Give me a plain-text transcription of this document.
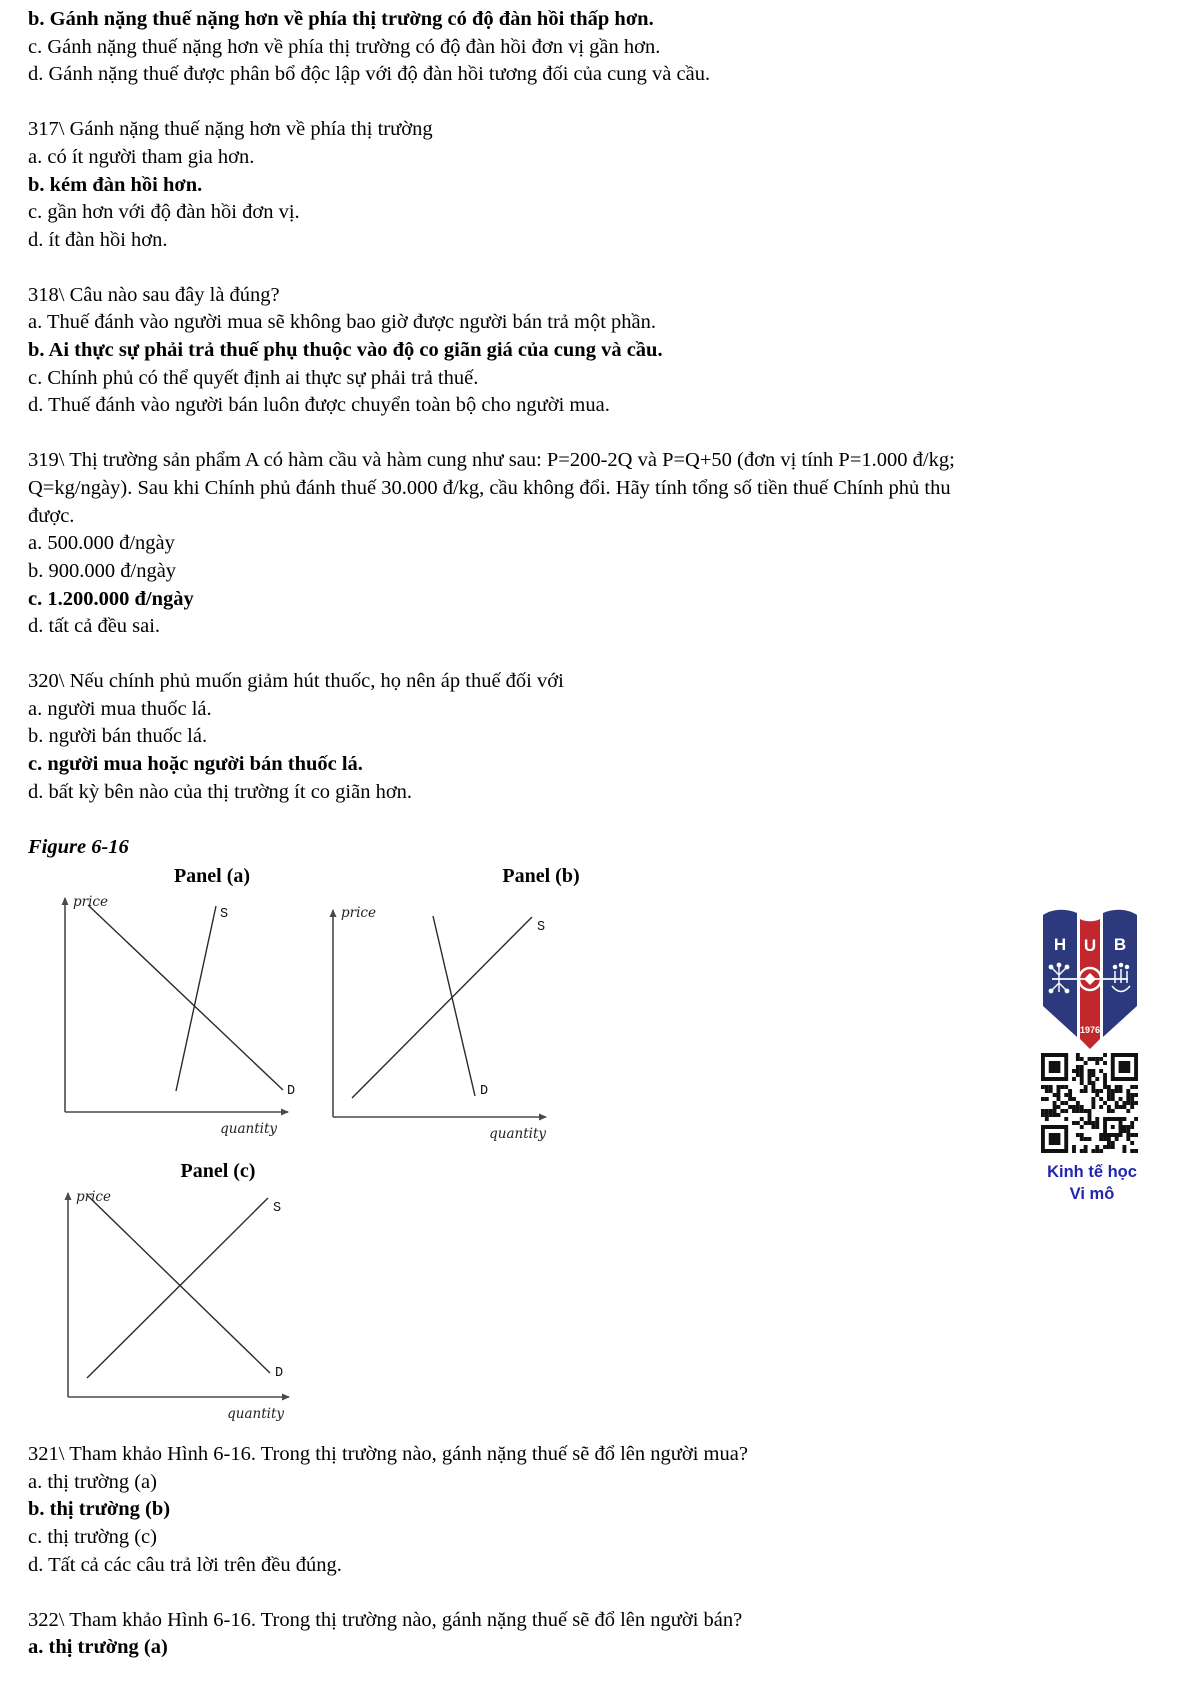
b. Gánh nặng thuế nặng hơn về phía thị trường có độ đàn hồi thấp hơn.
c. Gánh nặng thuế nặng hơn về phía thị trường có độ đàn hồi đơn vị gần hơn.
d. Gánh nặng thuế được phân bổ độc lập với độ đàn hồi tương đối của cung và cầu.
317\ Gánh nặng thuế nặng hơn về phía thị trường
a. có ít người tham gia hơn.
b. kém đàn hồi hơn.
c. gần hơn với độ đàn hồi đơn vị.
d. ít đàn hồi hơn.
318\ Câu nào sau đây là đúng?
a. Thuế đánh vào người mua sẽ không bao giờ được người bán trả một phần.
b. Ai thực sự phải trả thuế phụ thuộc vào độ co giãn giá của cung và cầu.
c. Chính phủ có thể quyết định ai thực sự phải trả thuế.
d. Thuế đánh vào người bán luôn được chuyển toàn bộ cho người mua.
319\ Thị trường sản phẩm A có hàm cầu và hàm cung như sau: P=200-2Q và P=Q+50 (đơn vị tính P=1.000 đ/kg;
Q=kg/ngày). Sau khi Chính phủ đánh thuế 30.000 đ/kg, cầu không đổi. Hãy tính tổng số tiền thuế Chính phủ thu
được.
a. 500.000 đ/ngày
b. 900.000 đ/ngày
c. 1.200.000 đ/ngày
d. tất cả đều sai.
320\ Nếu chính phủ muốn giảm hút thuốc, họ nên áp thuế đối với
a. người mua thuốc lá.
b. người bán thuốc lá.
c. người mua hoặc người bán thuốc lá.
d. bất kỳ bên nào của thị trường ít co giãn hơn.
Figure 6-16
321\ Tham khảo Hình 6-16. Trong thị trường nào, gánh nặng thuế sẽ đổ lên người mua?
a. thị trường (a)
b. thị trường (b)
c. thị trường (c)
d. Tất cả các câu trả lời trên đều đúng.
322\ Tham khảo Hình 6-16. Trong thị trường nào, gánh nặng thuế sẽ đổ lên người bán?
a. thị trường (a)
Panel (a)
price
quantity
D
S
Panel (b)
price
quantity
S
D
Panel (c)
price
quantity
D
S
H U B
1976
Kinh tế học
Vi mô
